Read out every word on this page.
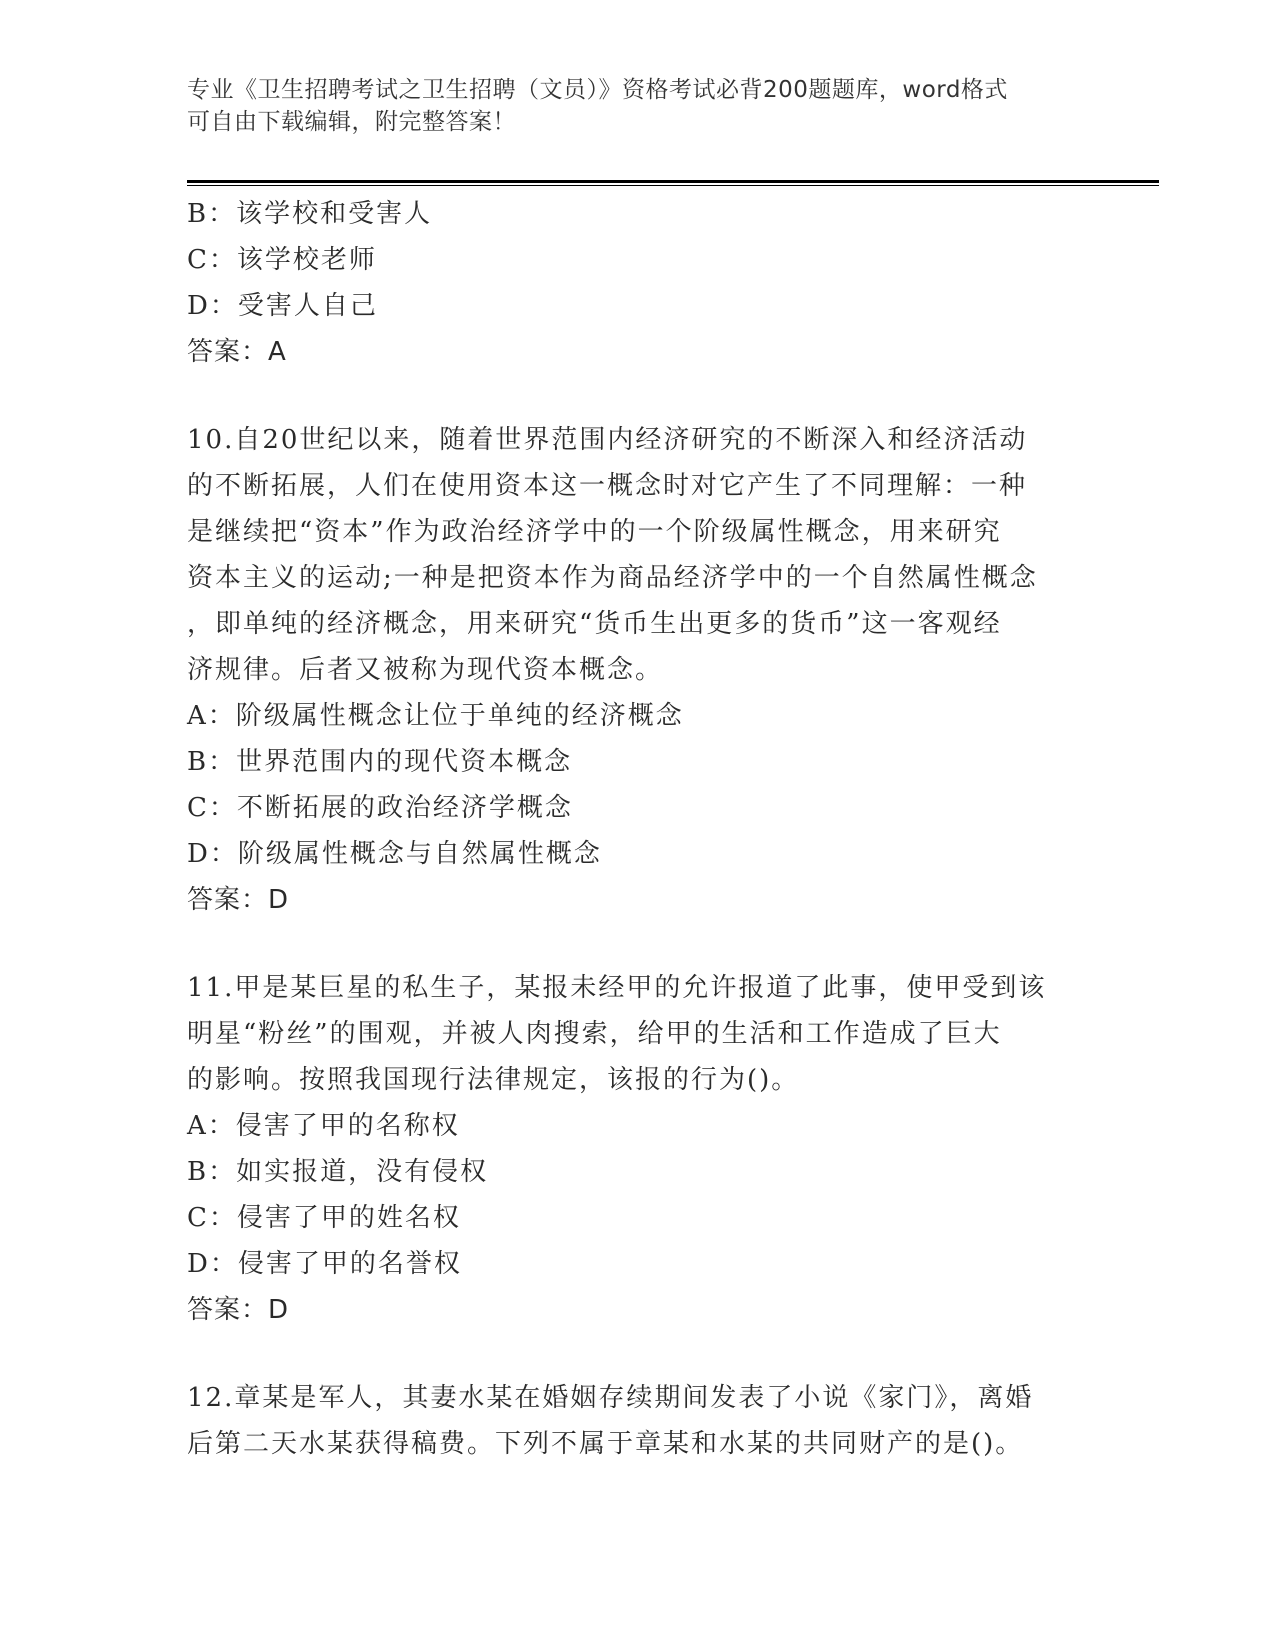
专业《卫生招聘考试之卫生招聘（文员）》资格考试必背200题题库，word格式
可自由下载编辑，附完整答案！
B：该学校和受害人
C：该学校老师
D：受害人自己
答案：A
10.自20世纪以来，随着世界范围内经济研究的不断深入和经济活动
的不断拓展，人们在使用资本这一概念时对它产生了不同理解：一种
是继续把“资本”作为政治经济学中的一个阶级属性概念，用来研究
资本主义的运动;一种是把资本作为商品经济学中的一个自然属性概念
，即单纯的经济概念，用来研究“货币生出更多的货币”这一客观经
济规律。后者又被称为现代资本概念。
A：阶级属性概念让位于单纯的经济概念
B：世界范围内的现代资本概念
C：不断拓展的政治经济学概念
D：阶级属性概念与自然属性概念
答案：D
11.甲是某巨星的私生子，某报未经甲的允许报道了此事，使甲受到该
明星“粉丝”的围观，并被人肉搜索，给甲的生活和工作造成了巨大
的影响。按照我国现行法律规定，该报的行为()。
A：侵害了甲的名称权
B：如实报道，没有侵权
C：侵害了甲的姓名权
D：侵害了甲的名誉权
答案：D
12.章某是军人，其妻水某在婚姻存续期间发表了小说《家门》，离婚
后第二天水某获得稿费。下列不属于章某和水某的共同财产的是()。
